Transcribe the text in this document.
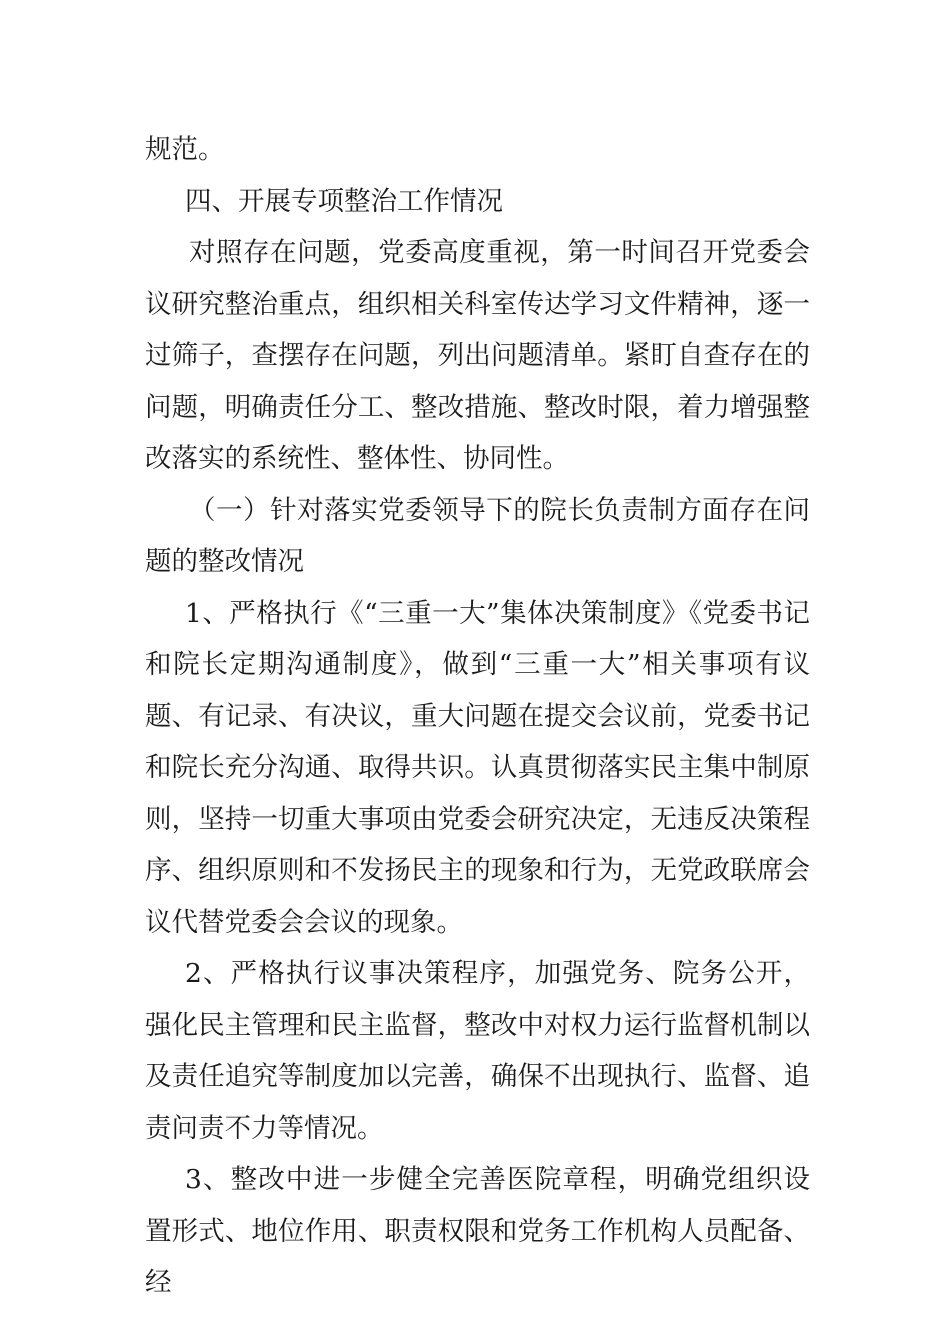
规范。

四、开展专项整治工作情况

对照存在问题，党委高度重视，第一时间召开党委会议研究整治重点，组织相关科室传达学习文件精神，逐一过筛子，查摆存在问题，列出问题清单。紧盯自查存在的问题，明确责任分工、整改措施、整改时限，着力增强整改落实的系统性、整体性、协同性。

（一）针对落实党委领导下的院长负责制方面存在问题的整改情况

1、严格执行《“三重一大”集体决策制度》《党委书记和院长定期沟通制度》，做到“三重一大”相关事项有议题、有记录、有决议，重大问题在提交会议前，党委书记和院长充分沟通、取得共识。认真贯彻落实民主集中制原则，坚持一切重大事项由党委会研究决定，无违反决策程序、组织原则和不发扬民主的现象和行为，无党政联席会议代替党委会会议的现象。

2、严格执行议事决策程序，加强党务、院务公开，强化民主管理和民主监督，整改中对权力运行监督机制以及责任追究等制度加以完善，确保不出现执行、监督、追责问责不力等情况。

3、整改中进一步健全完善医院章程，明确党组织设置形式、地位作用、职责权限和党务工作机构人员配备、经
